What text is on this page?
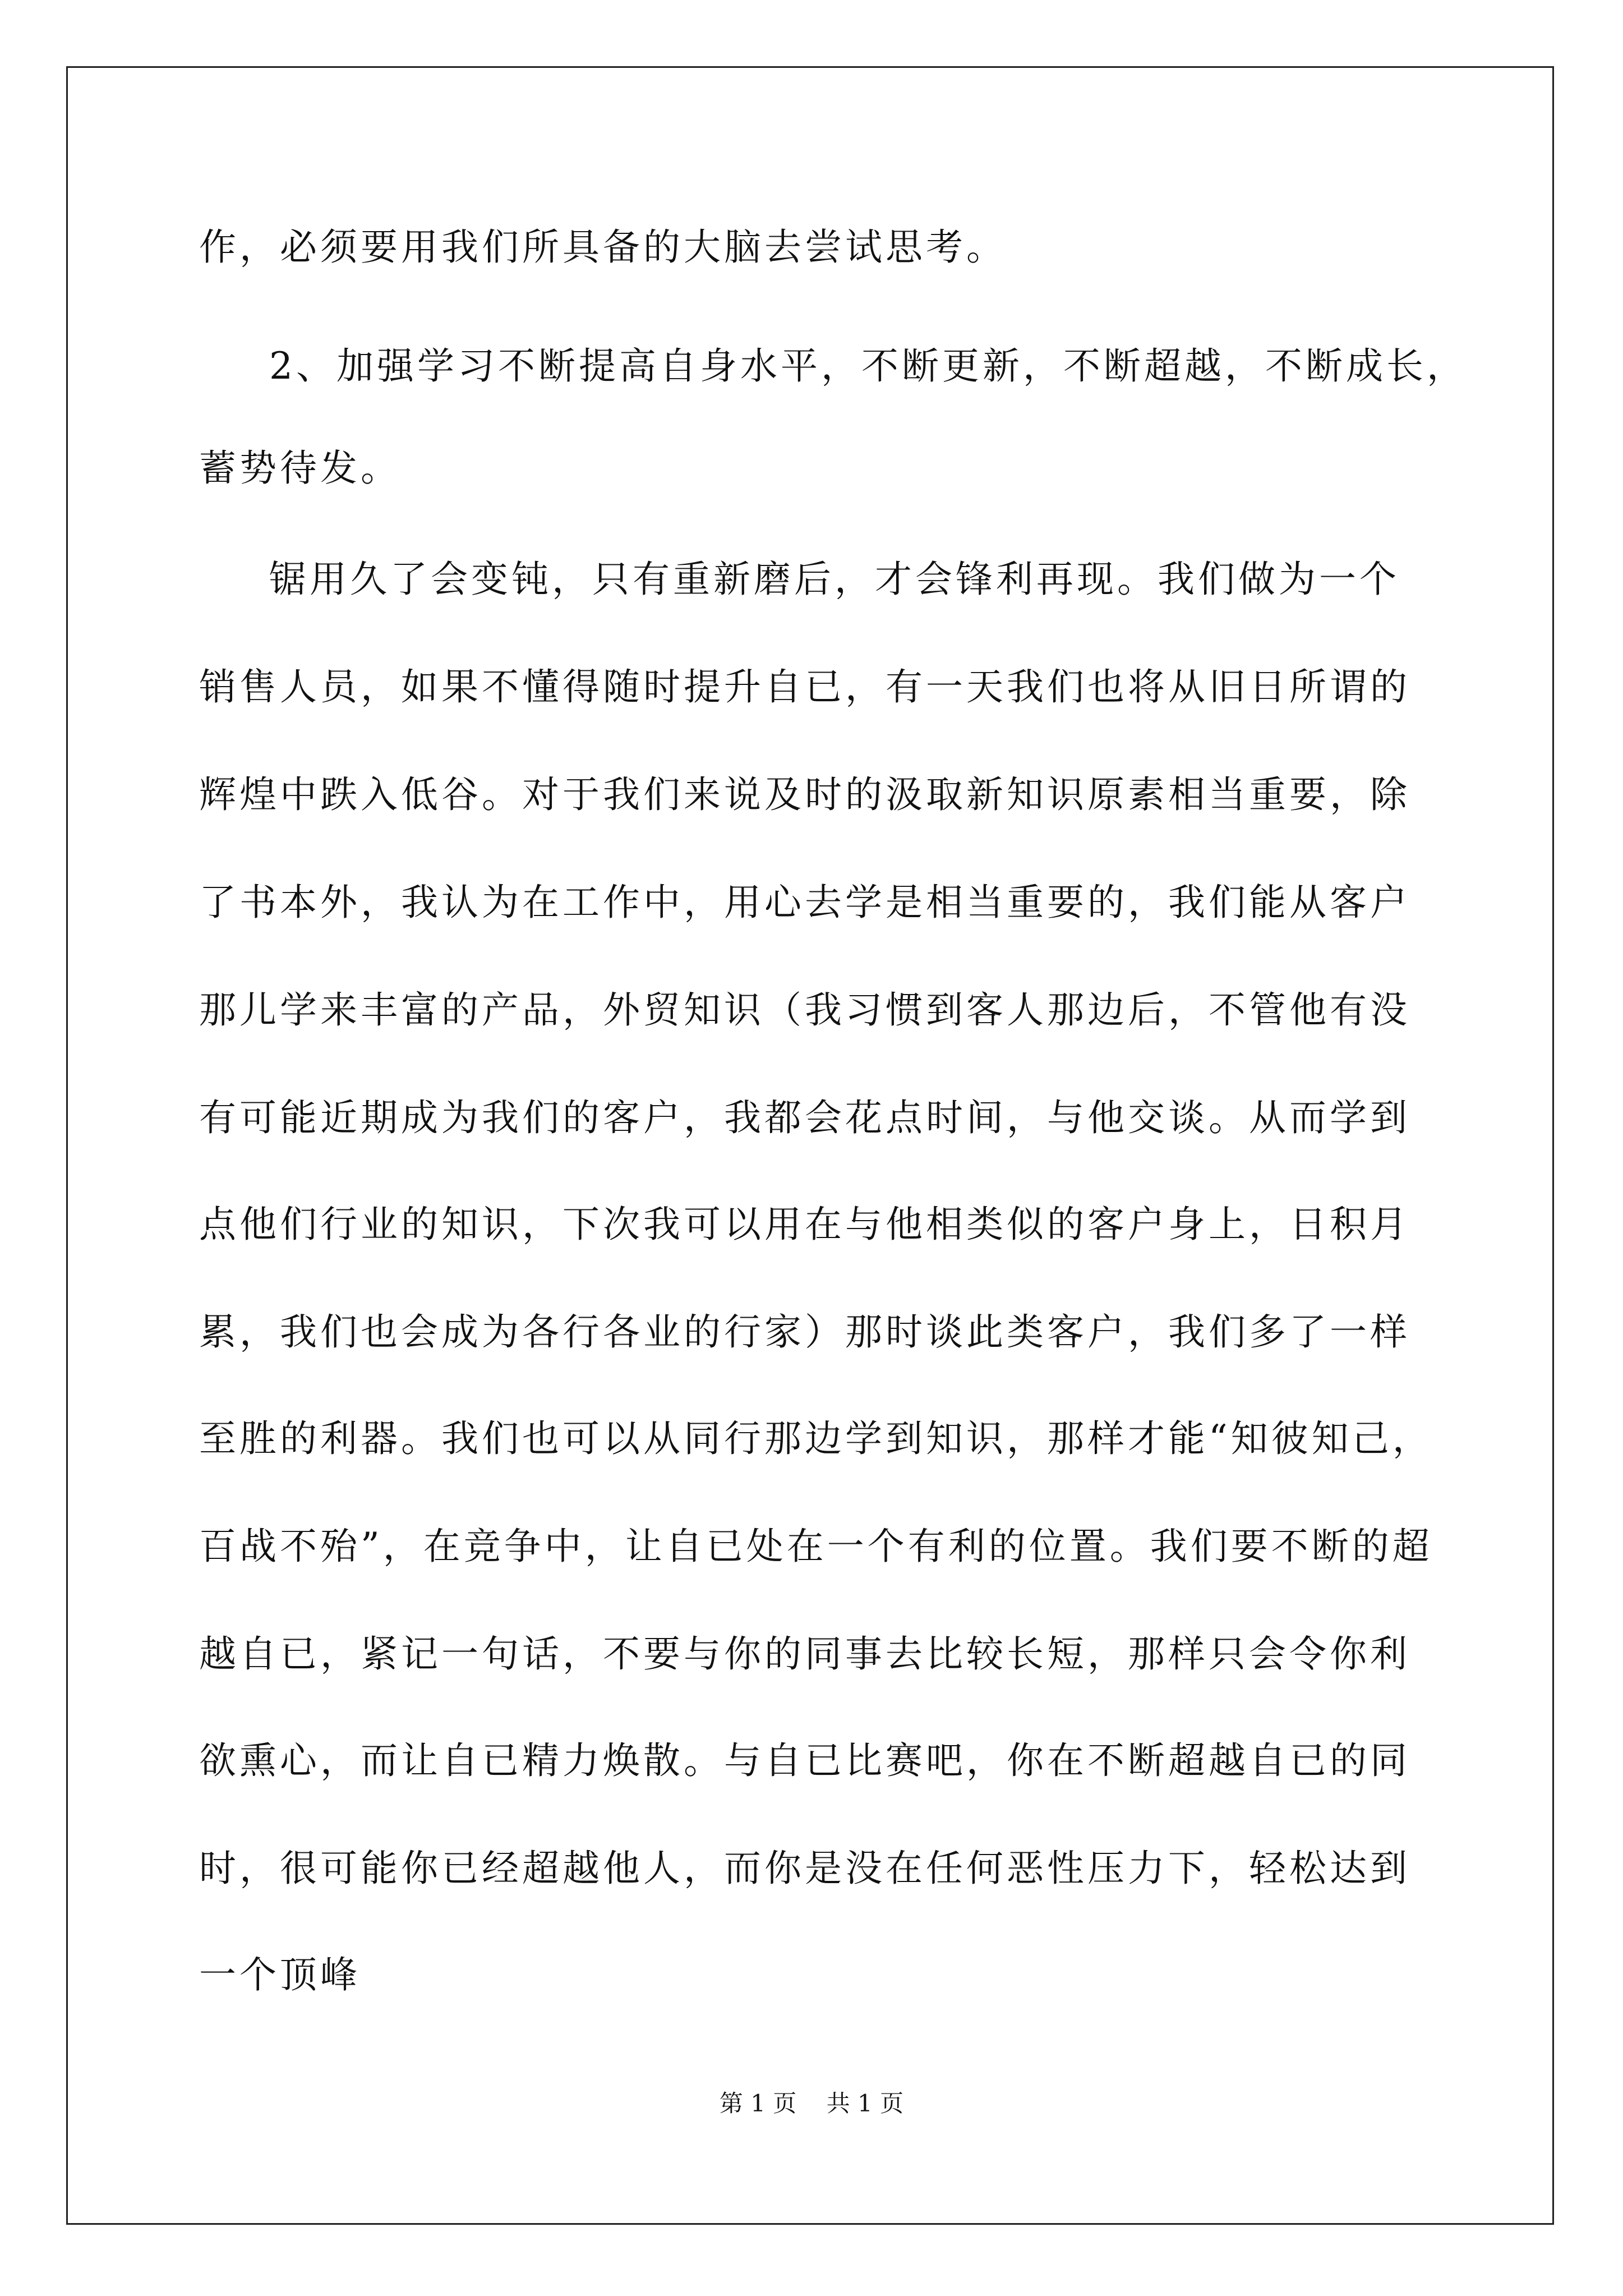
作，必须要用我们所具备的大脑去尝试思考。
2、加强学习不断提高自身水平，不断更新，不断超越，不断成长，
蓄势待发。
锯用久了会变钝，只有重新磨后，才会锋利再现。我们做为一个
销售人员，如果不懂得随时提升自已，有一天我们也将从旧日所谓的
辉煌中跌入低谷。对于我们来说及时的汲取新知识原素相当重要，除
了书本外，我认为在工作中，用心去学是相当重要的，我们能从客户
那儿学来丰富的产品，外贸知识（我习惯到客人那边后，不管他有没
有可能近期成为我们的客户，我都会花点时间，与他交谈。从而学到
点他们行业的知识，下次我可以用在与他相类似的客户身上，日积月
累，我们也会成为各行各业的行家）那时谈此类客户，我们多了一样
至胜的利器。我们也可以从同行那边学到知识，那样才能“知彼知己，
百战不殆”，在竞争中，让自已处在一个有利的位置。我们要不断的超
越自已，紧记一句话，不要与你的同事去比较长短，那样只会令你利
欲熏心，而让自已精力焕散。与自已比赛吧，你在不断超越自已的同
时，很可能你已经超越他人，而你是没在任何恶性压力下，轻松达到
一个顶峰
第 1 页    共 1 页
